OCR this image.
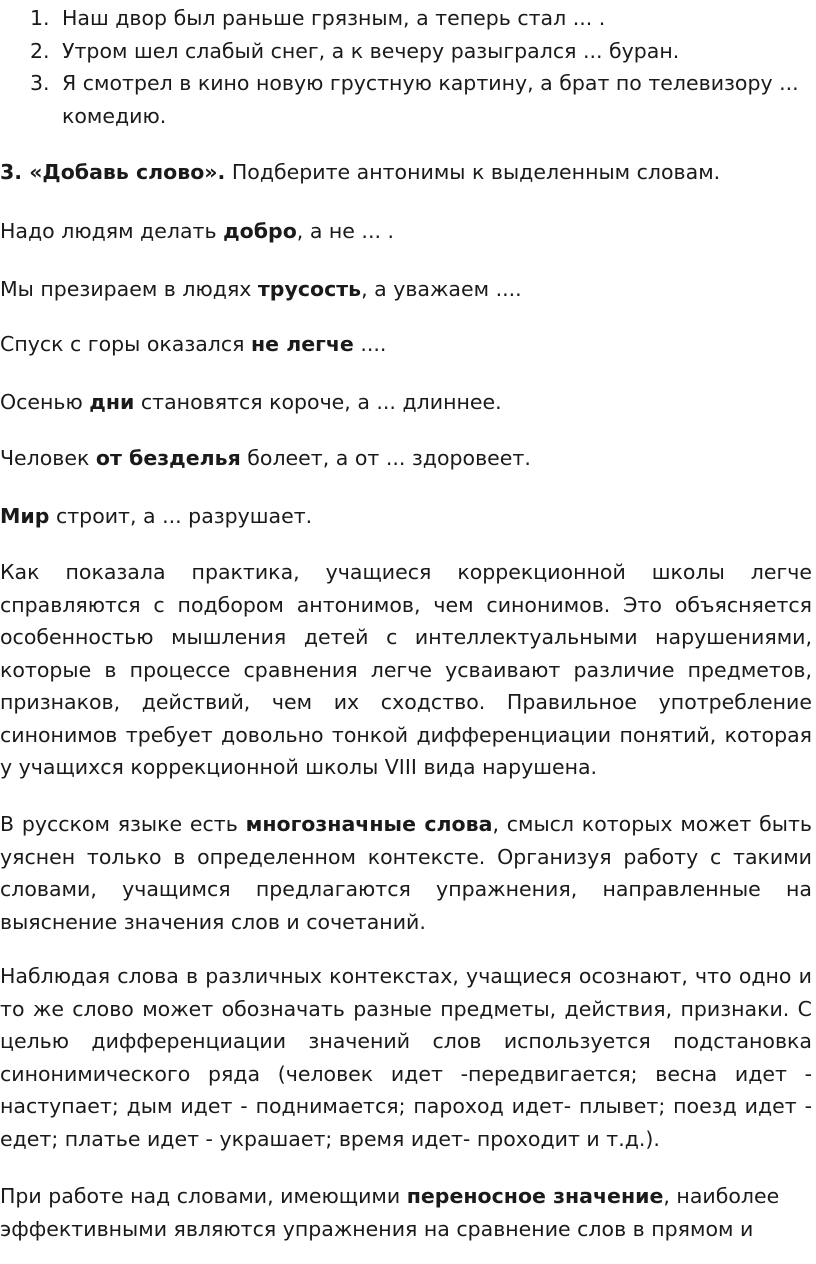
1. Наш двор был раньше грязным, а теперь стал ... .
2. Утром шел слабый снег, а к вечеру разыгрался ... буран.
3. Я смотрел в кино новую грустную картину, а брат по телевизору ... комедию.

3. «Добавь слово». Подберите антонимы к выделенным словам.

Надо людям делать добро, а не ... .

Мы презираем в людях трусость, а уважаем ....

Спуск с горы оказался не легче ....

Осенью дни становятся короче, а ... длиннее.

Человек от безделья болеет, а от ... здоровеет.

Мир строит, а ... разрушает.

Как показала практика, учащиеся коррекционной школы легче справляются с подбором антонимов, чем синонимов. Это объясняется особенностью мышления детей с интеллектуальными нарушениями, которые в процессе сравнения легче усваивают различие предметов, признаков, действий, чем их сходство. Правильное употребление синонимов требует довольно тонкой дифференциации понятий, которая у учащихся коррекционной школы VIII вида нарушена.

В русском языке есть многозначные слова, смысл которых может быть уяснен только в определенном контексте. Организуя работу с такими словами, учащимся предлагаются упражнения, направленные на выяснение значения слов и сочетаний.

Наблюдая слова в различных контекстах, учащиеся осознают, что одно и то же слово может обозначать разные предметы, действия, признаки. С целью дифференциации значений слов используется подстановка синонимического ряда (человек идет -передвигается; весна идет - наступает; дым идет - поднимается; пароход идет- плывет; поезд идет - едет; платье идет - украшает; время идет- проходит и т.д.).

При работе над словами, имеющими переносное значение, наиболее эффективными являются упражнения на сравнение слов в прямом и
